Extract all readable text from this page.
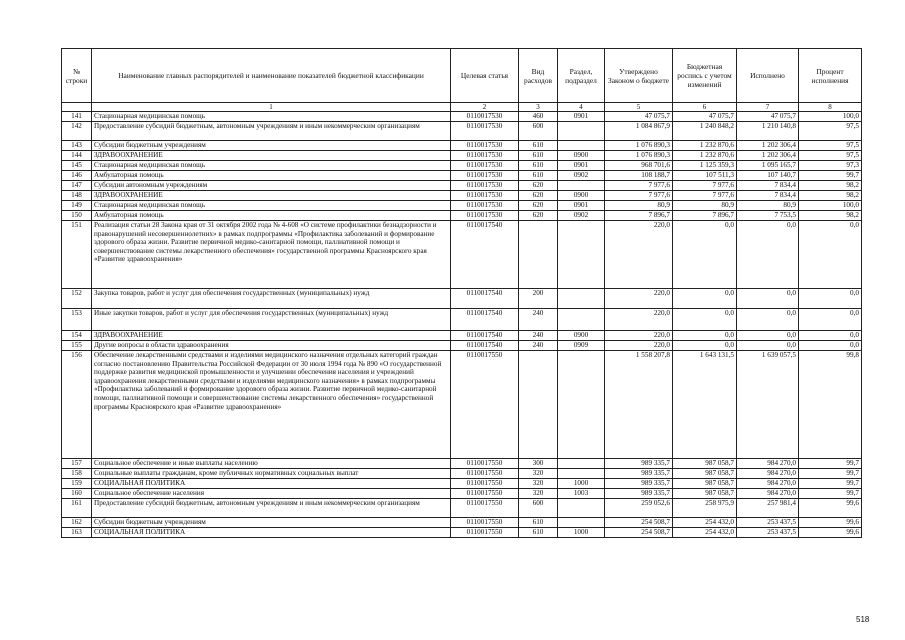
№ строки	Наименование главных распорядителей и наименование показателей бюджетной классификации	Целевая статья	Вид расходов	Раздел, подраздел	Утверждено Законом о бюджете	Бюджетная роспись с учетом изменений	Исполнено	Процент исполнения
	1	2	3	4	5	6	7	8
141	Стационарная медицинская помощь	0110017530	460	0901	47 075,7	47 075,7	47 075,7	100,0
142	Предоставление субсидий бюджетным, автономным учреждениям и иным некоммерческим организациям	0110017530	600		1 084 867,9	1 240 848,2	1 210 140,8	97,5
143	Субсидии бюджетным учреждениям	0110017530	610		1 076 890,3	1 232 870,6	1 202 306,4	97,5
144	ЗДРАВООХРАНЕНИЕ	0110017530	610	0900	1 076 890,3	1 232 870,6	1 202 306,4	97,5
145	Стационарная медицинская помощь	0110017530	610	0901	968 701,6	1 125 359,3	1 095 165,7	97,3
146	Амбулаторная помощь	0110017530	610	0902	108 188,7	107 511,3	107 140,7	99,7
147	Субсидии автономным учреждениям	0110017530	620		7 977,6	7 977,6	7 834,4	98,2
148	ЗДРАВООХРАНЕНИЕ	0110017530	620	0900	7 977,6	7 977,6	7 834,4	98,2
149	Стационарная медицинская помощь	0110017530	620	0901	80,9	80,9	80,9	100,0
150	Амбулаторная помощь	0110017530	620	0902	7 896,7	7 896,7	7 753,5	98,2
151	Реализация статьи 28 Закона края от 31 октября 2002 года № 4-608 «О системе профилактики безнадзорности и правонарушений несовершеннолетних» в рамках подпрограммы «Профилактика заболеваний и формирование здорового образа жизни. Развитие первичной медико-санитарной помощи, паллиативной помощи и совершенствование системы лекарственного обеспечения» государственной программы Красноярского края «Развитие здравоохранения»	0110017540			220,0	0,0	0,0	0,0
152	Закупка товаров, работ и услуг для обеспечения государственных (муниципальных) нужд	0110017540	200		220,0	0,0	0,0	0,0
153	Иные закупки товаров, работ и услуг для обеспечения государственных (муниципальных) нужд	0110017540	240		220,0	0,0	0,0	0,0
154	ЗДРАВООХРАНЕНИЕ	0110017540	240	0900	220,0	0,0	0,0	0,0
155	Другие вопросы в области здравоохранения	0110017540	240	0909	220,0	0,0	0,0	0,0
156	Обеспечение лекарственными средствами и изделиями медицинского назначения отдельных категорий граждан согласно постановлению Правительства Российской Федерации от 30 июля 1994 года № 890 «О государственной поддержке развития медицинской промышленности и улучшении обеспечения населения и учреждений здравоохранения лекарственными средствами и изделиями медицинского назначения» в рамках подпрограммы «Профилактика заболеваний и формирование здорового образа жизни. Развитие первичной медико-санитарной помощи, паллиативной помощи и совершенствование системы лекарственного обеспечения» государственной программы Красноярского края «Развитие здравоохранения»	0110017550			1 558 207,8	1 643 131,5	1 639 057,5	99,8
157	Социальное обеспечение и иные выплаты населению	0110017550	300		989 335,7	987 058,7	984 270,0	99,7
158	Социальные выплаты гражданам, кроме публичных нормативных социальных выплат	0110017550	320		989 335,7	987 058,7	984 270,0	99,7
159	СОЦИАЛЬНАЯ ПОЛИТИКА	0110017550	320	1000	989 335,7	987 058,7	984 270,0	99,7
160	Социальное обеспечение населения	0110017550	320	1003	989 335,7	987 058,7	984 270,0	99,7
161	Предоставление субсидий бюджетным, автономным учреждениям и иным некоммерческим организациям	0110017550	600		259 052,6	258 975,9	257 981,4	99,6
162	Субсидии бюджетным учреждениям	0110017550	610		254 508,7	254 432,0	253 437,5	99,6
163	СОЦИАЛЬНАЯ ПОЛИТИКА	0110017550	610	1000	254 508,7	254 432,0	253 437,5	99,6
518
